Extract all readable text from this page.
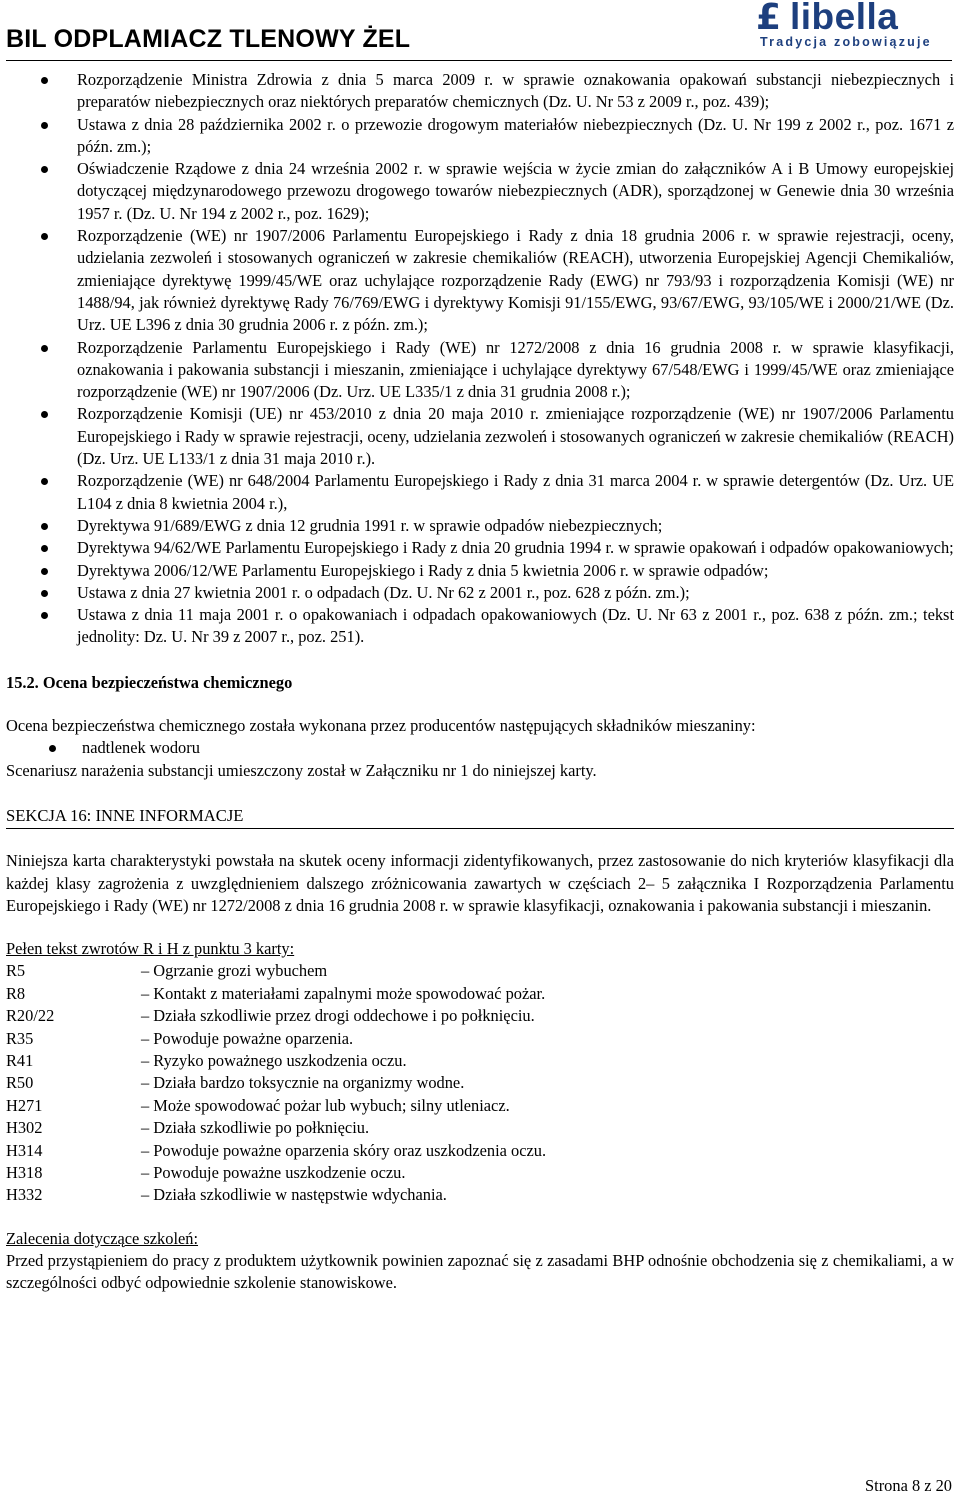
BIL ODPLAMIACZ TLENOWY ŻEL
£ libella
Tradycja zobowiązuje
Rozporządzenie Ministra Zdrowia z dnia 5 marca 2009 r. w sprawie oznakowania opakowań substancji niebezpiecznych i preparatów niebezpiecznych oraz niektórych preparatów chemicznych (Dz. U. Nr 53 z 2009 r., poz. 439);
Ustawa z dnia 28 października 2002 r. o przewozie drogowym materiałów niebezpiecznych (Dz. U. Nr 199 z 2002 r., poz. 1671 z późn. zm.);
Oświadczenie Rządowe z dnia 24 września 2002 r. w sprawie wejścia w życie zmian do załączników A i B Umowy europejskiej dotyczącej międzynarodowego przewozu drogowego towarów niebezpiecznych (ADR), sporządzonej w Genewie dnia 30 września 1957 r. (Dz. U. Nr 194 z 2002 r., poz. 1629);
Rozporządzenie (WE) nr 1907/2006 Parlamentu Europejskiego i Rady z dnia 18 grudnia 2006 r. w sprawie rejestracji, oceny, udzielania zezwoleń i stosowanych ograniczeń w zakresie chemikaliów (REACH), utworzenia Europejskiej Agencji Chemikaliów, zmieniające dyrektywę 1999/45/WE oraz uchylające rozporządzenie Rady (EWG) nr 793/93 i rozporządzenia Komisji (WE) nr 1488/94, jak również dyrektywę Rady 76/769/EWG i dyrektywy Komisji 91/155/EWG, 93/67/EWG, 93/105/WE i 2000/21/WE (Dz. Urz. UE L396 z dnia 30 grudnia 2006 r. z późn. zm.);
Rozporządzenie Parlamentu Europejskiego i Rady (WE) nr 1272/2008 z dnia 16 grudnia 2008 r. w sprawie klasyfikacji, oznakowania i pakowania substancji i mieszanin, zmieniające i uchylające dyrektywy 67/548/EWG i 1999/45/WE oraz zmieniające rozporządzenie (WE) nr 1907/2006 (Dz. Urz. UE L335/1 z dnia 31 grudnia 2008 r.);
Rozporządzenie Komisji (UE) nr 453/2010 z dnia 20 maja 2010 r. zmieniające rozporządzenie (WE) nr 1907/2006 Parlamentu Europejskiego i Rady w sprawie rejestracji, oceny, udzielania zezwoleń i stosowanych ograniczeń w zakresie chemikaliów (REACH) (Dz. Urz. UE L133/1 z dnia 31 maja 2010 r.).
Rozporządzenie (WE) nr 648/2004 Parlamentu Europejskiego i Rady z dnia 31 marca 2004 r. w sprawie detergentów (Dz. Urz. UE L104 z dnia 8 kwietnia 2004 r.),
Dyrektywa 91/689/EWG z dnia 12 grudnia 1991 r. w sprawie odpadów niebezpiecznych;
Dyrektywa 94/62/WE Parlamentu Europejskiego i Rady z dnia 20 grudnia 1994 r. w sprawie opakowań i odpadów opakowaniowych;
Dyrektywa 2006/12/WE Parlamentu Europejskiego i Rady z dnia 5 kwietnia 2006 r. w sprawie odpadów;
Ustawa z dnia 27 kwietnia 2001 r. o odpadach (Dz. U. Nr 62 z 2001 r., poz. 628 z późn. zm.);
Ustawa z dnia 11 maja 2001 r. o opakowaniach i odpadach opakowaniowych (Dz. U. Nr 63 z 2001 r., poz. 638 z późn. zm.; tekst jednolity: Dz. U. Nr 39 z 2007 r., poz. 251).
15.2. Ocena bezpieczeństwa chemicznego

Ocena bezpieczeństwa chemicznego została wykonana przez producentów następujących składników mieszaniny:

nadtlenek wodoru

Scenariusz narażenia substancji umieszczony został w Załączniku nr 1 do niniejszej karty.

SEKCJA 16: INNE INFORMACJE

Niniejsza karta charakterystyki powstała na skutek oceny informacji zidentyfikowanych, przez zastosowanie do nich kryteriów klasyfikacji dla każdej klasy zagrożenia z uwzględnieniem dalszego zróżnicowania zawartych w częściach 2– 5 załącznika I Rozporządzenia Parlamentu Europejskiego i Rady (WE) nr 1272/2008 z dnia 16 grudnia 2008 r. w sprawie klasyfikacji, oznakowania i pakowania substancji i mieszanin.

Pełen tekst zwrotów R i H z punktu 3 karty:

R5	– Ogrzanie grozi wybuchem
R8	– Kontakt z materiałami zapalnymi może spowodować pożar.
R20/22	– Działa szkodliwie przez drogi oddechowe i po połknięciu.
R35	– Powoduje poważne oparzenia.
R41	– Ryzyko poważnego uszkodzenia oczu.
R50	– Działa bardzo toksycznie na organizmy wodne.
H271	– Może spowodować pożar lub wybuch; silny utleniacz.
H302	– Działa szkodliwie po połknięciu.
H314	– Powoduje poważne oparzenia skóry oraz uszkodzenia oczu.
H318	– Powoduje poważne uszkodzenie oczu.
H332	– Działa szkodliwie w następstwie wdychania.

Zalecenia dotyczące szkoleń:

Przed przystąpieniem do pracy z produktem użytkownik powinien zapoznać się z zasadami BHP odnośnie obchodzenia się z chemikaliami, a w szczególności odbyć odpowiednie szkolenie stanowiskowe.

Strona 8 z 20
